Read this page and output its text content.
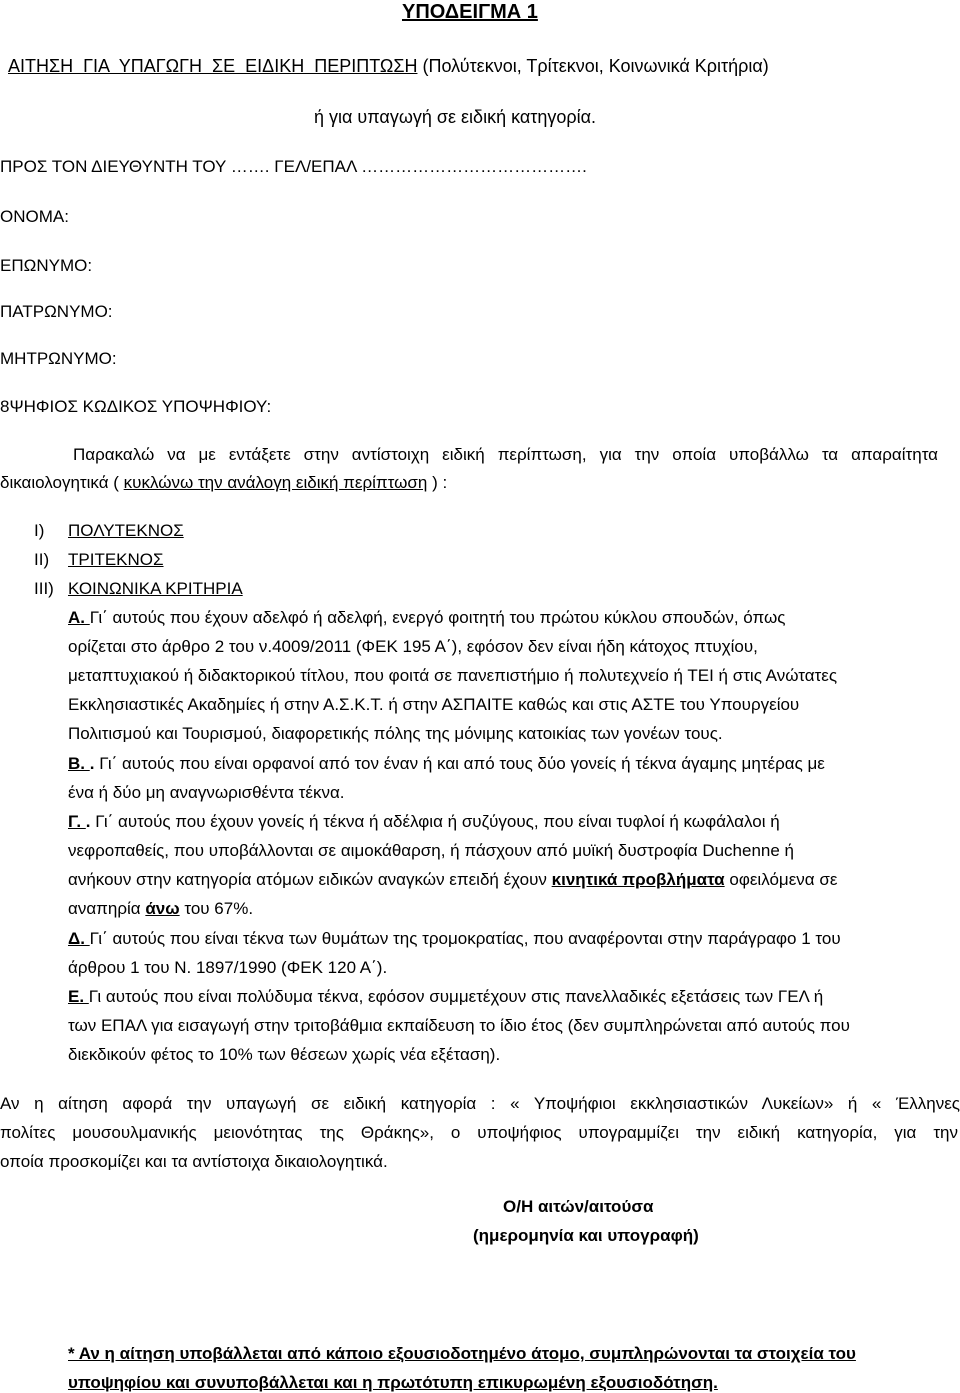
ΥΠΟΔΕΙΓΜΑ 1
ΑΙΤΗΣΗ ΓΙΑ ΥΠΑΓΩΓΗ ΣΕ ΕΙΔΙΚΗ ΠΕΡΙΠΤΩΣΗ (Πολύτεκνοι, Τρίτεκνοι, Κοινωνικά Κριτήρια)
ή για υπαγωγή σε ειδική κατηγορία.
ΠΡΟΣ ΤΟΝ ΔΙΕΥΘΥΝΤΗ ΤΟΥ ……. ΓΕΛ/ΕΠΑΛ ………………………………….
ΟΝΟΜΑ:
ΕΠΩΝΥΜΟ:
ΠΑΤΡΩΝΥΜΟ:
ΜΗΤΡΩΝΥΜΟ:
8ΨΗΦΙΟΣ ΚΩΔΙΚΟΣ ΥΠΟΨΗΦΙΟΥ:
Παρακαλώ να με εντάξετε στην αντίστοιχη ειδική περίπτωση, για την οποία υποβάλλω τα απαραίτητα
δικαιολογητικά ( κυκλώνω την ανάλογη ειδική περίπτωση ) :
I) ΠΟΛΥΤΕΚΝΟΣ
II) ΤΡΙΤΕΚΝΟΣ
III) ΚΟΙΝΩΝΙΚΑ ΚΡΙΤΗΡΙΑ
Α. Γι΄ αυτούς που έχουν αδελφό ή αδελφή, ενεργό φοιτητή του πρώτου κύκλου σπουδών, όπως
ορίζεται στο άρθρο 2 του ν.4009/2011 (ΦΕΚ 195 Α΄), εφόσον δεν είναι ήδη κάτοχος πτυχίου,
μεταπτυχιακού ή διδακτορικού τίτλου, που φοιτά σε πανεπιστήμιο ή πολυτεχνείο ή ΤΕΙ ή στις Ανώτατες
Εκκλησιαστικές Ακαδημίες ή στην Α.Σ.Κ.Τ. ή στην ΑΣΠΑΙΤΕ καθώς και στις ΑΣΤΕ του Υπουργείου
Πολιτισμού και Τουρισμού, διαφορετικής πόλης της μόνιμης κατοικίας των γονέων τους.
Β. . Γι΄ αυτούς που είναι ορφανοί από τον έναν ή και από τους δύο γονείς ή τέκνα άγαμης μητέρας με
ένα ή δύο μη αναγνωρισθέντα τέκνα.
Γ. . Γι΄ αυτούς που έχουν γονείς ή τέκνα ή αδέλφια ή συζύγους, που είναι τυφλοί ή κωφάλαλοι ή
νεφροπαθείς, που υποβάλλονται σε αιμοκάθαρση, ή πάσχουν από μυϊκή δυστροφία Duchenne ή
ανήκουν στην κατηγορία ατόμων ειδικών αναγκών επειδή έχουν κινητικά προβλήματα οφειλόμενα σε
αναπηρία άνω του 67%.
Δ. Γι΄ αυτούς που είναι τέκνα των θυμάτων της τρομοκρατίας, που αναφέρονται στην παράγραφο 1 του
άρθρου 1 του Ν. 1897/1990 (ΦΕΚ 120 Α΄).
Ε. Γι αυτούς που είναι πολύδυμα τέκνα, εφόσον συμμετέχουν στις πανελλαδικές εξετάσεις των ΓΕΛ ή
των ΕΠΑΛ για εισαγωγή στην τριτοβάθμια εκπαίδευση το ίδιο έτος (δεν συμπληρώνεται από αυτούς που
διεκδικούν φέτος το 10% των θέσεων χωρίς νέα εξέταση).
Αν η αίτηση αφορά την υπαγωγή σε ειδική κατηγορία : « Υποψήφιοι εκκλησιαστικών Λυκείων» ή « Έλληνες
πολίτες μουσουλμανικής μειονότητας της Θράκης», ο υποψήφιος υπογραμμίζει την ειδική κατηγορία, για την
οποία προσκομίζει και τα αντίστοιχα δικαιολογητικά.
Ο/Η αιτών/αιτούσα
(ημερομηνία και υπογραφή)
* Αν η αίτηση υποβάλλεται από κάποιο εξουσιοδοτημένο άτομο, συμπληρώνονται τα στοιχεία του
υποψηφίου και συνυποβάλλεται και η πρωτότυπη επικυρωμένη εξουσιοδότηση.
